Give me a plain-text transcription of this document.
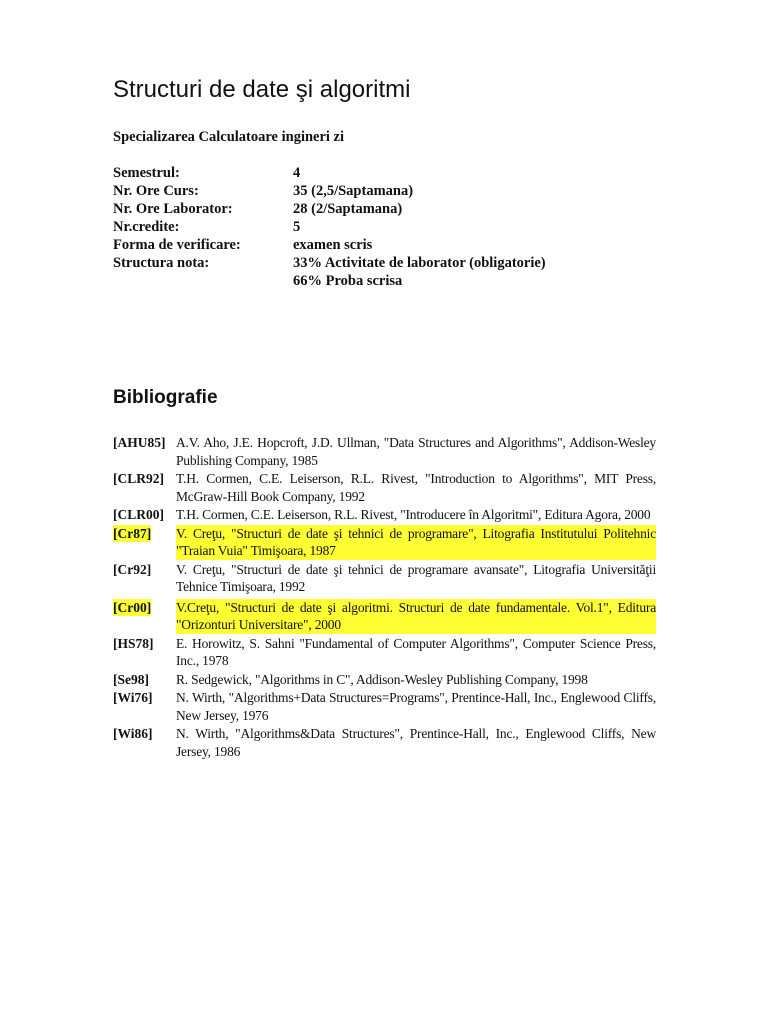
Structuri de date şi algoritmi
Specializarea Calculatoare ingineri zi
Semestrul:	4
Nr. Ore Curs:	35 (2,5/Saptamana)
Nr. Ore Laborator:	28 (2/Saptamana)
Nr.credite:	5
Forma de verificare:	examen scris
Structura nota:	33% Activitate de laborator (obligatorie)
66% Proba scrisa
Bibliografie
[AHU85] A.V. Aho, J.E. Hopcroft, J.D. Ullman, "Data Structures and Algorithms", Addison-Wesley Publishing Company, 1985
[CLR92] T.H. Cormen, C.E. Leiserson, R.L. Rivest, "Introduction to Algorithms", MIT Press, McGraw-Hill Book Company, 1992
[CLR00] T.H. Cormen, C.E. Leiserson, R.L. Rivest, "Introducere în Algoritmi", Editura Agora, 2000
[Cr87] V. Creţu, "Structuri de date şi tehnici de programare", Litografia Institutului Politehnic "Traian Vuia" Timişoara, 1987
[Cr92] V. Creţu, "Structuri de date şi tehnici de programare avansate", Litografia Universităţii Tehnice Timişoara, 1992
[Cr00] V.Creţu, "Structuri de date şi algoritmi. Structuri de date fundamentale. Vol.1", Editura "Orizonturi Universitare", 2000
[HS78] E. Horowitz, S. Sahni "Fundamental of Computer Algorithms", Computer Science Press, Inc., 1978
[Se98] R. Sedgewick, "Algorithms in C", Addison-Wesley Publishing Company, 1998
[Wi76] N. Wirth, "Algorithms+Data Structures=Programs", Prentince-Hall, Inc., Englewood Cliffs, New Jersey, 1976
[Wi86] N. Wirth, "Algorithms&Data Structures", Prentince-Hall, Inc., Englewood Cliffs, New Jersey, 1986
